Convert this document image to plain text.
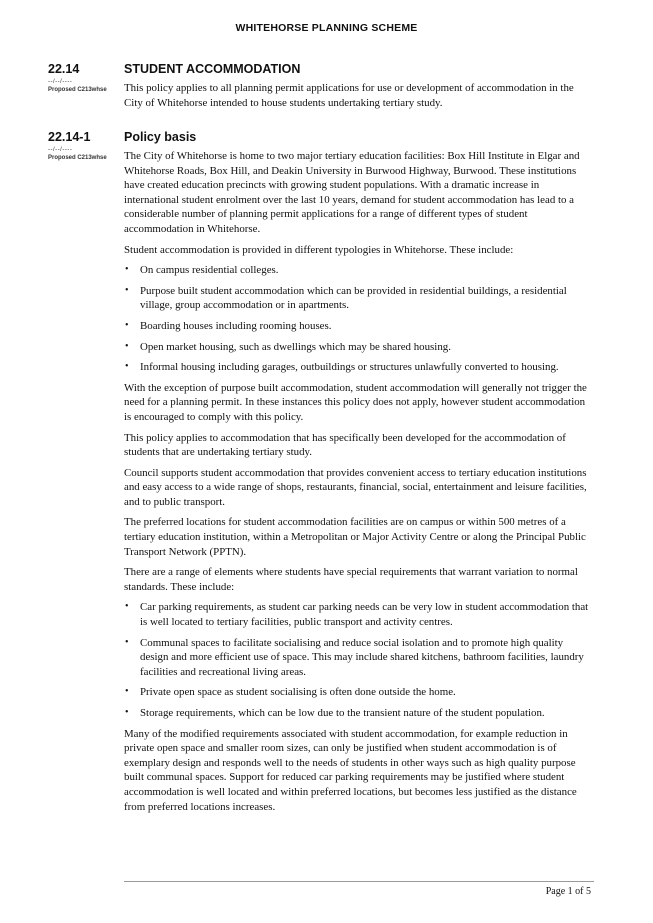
WHITEHORSE PLANNING SCHEME
22.14	STUDENT ACCOMMODATION
--/--/----
Proposed C213whse	This policy applies to all planning permit applications for use or development of accommodation in the City of Whitehorse intended to house students undertaking tertiary study.

22.14-1	Policy basis
--/--/----
Proposed C213whse	The City of Whitehorse is home to two major tertiary education facilities: Box Hill Institute in Elgar and Whitehorse Roads, Box Hill, and Deakin University in Burwood Highway, Burwood. These institutions have created education precincts with growing student populations. With a dramatic increase in international student enrolment over the last 10 years, demand for student accommodation has lead to a considerable number of planning permit applications for a range of different types of student accommodation in Whitehorse.

Student accommodation is provided in different typologies in Whitehorse. These include:

• On campus residential colleges.
• Purpose built student accommodation which can be provided in residential buildings, a residential village, group accommodation or in apartments.
• Boarding houses including rooming houses.
• Open market housing, such as dwellings which may be shared housing.
• Informal housing including garages, outbuildings or structures unlawfully converted to housing.

With the exception of purpose built accommodation, student accommodation will generally not trigger the need for a planning permit. In these instances this policy does not apply, however student accommodation is encouraged to comply with this policy.

This policy applies to accommodation that has specifically been developed for the accommodation of students that are undertaking tertiary study.

Council supports student accommodation that provides convenient access to tertiary education institutions and easy access to a wide range of shops, restaurants, financial, social, entertainment and leisure facilities, and to public transport.

The preferred locations for student accommodation facilities are on campus or within 500 metres of a tertiary education institution, within a Metropolitan or Major Activity Centre or along the Principal Public Transport Network (PPTN).

There are a range of elements where students have special requirements that warrant variation to normal standards. These include:

• Car parking requirements, as student car parking needs can be very low in student accommodation that is well located to tertiary facilities, public transport and activity centres.
• Communal spaces to facilitate socialising and reduce social isolation and to promote high quality design and more efficient use of space. This may include shared kitchens, bathroom facilities, laundry facilities and recreational living areas.
• Private open space as student socialising is often done outside the home.
• Storage requirements, which can be low due to the transient nature of the student population.

Many of the modified requirements associated with student accommodation, for example reduction in private open space and smaller room sizes, can only be justified when student accommodation is of exemplary design and responds well to the needs of students in other ways such as high quality purpose built communal spaces. Support for reduced car parking requirements may be justified where student accommodation is well located and within preferred locations, but becomes less justified as the distance from preferred locations increases.

Page 1 of 5
